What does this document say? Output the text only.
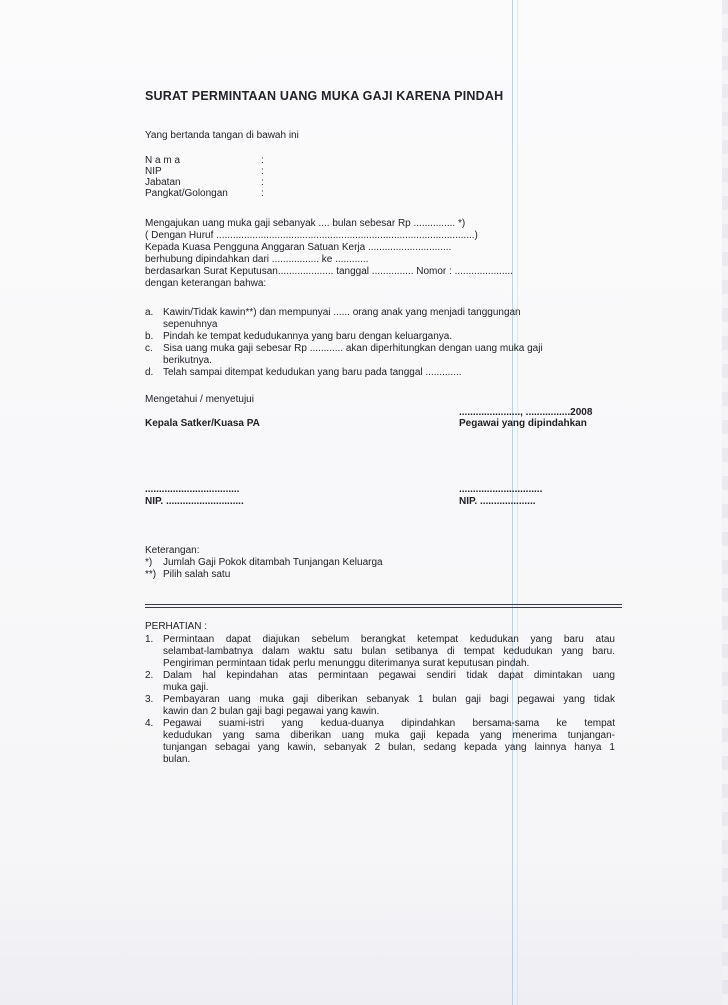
SURAT PERMINTAAN UANG MUKA GAJI KARENA PINDAH
Yang bertanda tangan di bawah ini
N a m a	:
NIP	:
Jabatan	:
Pangkat/Golongan	:
Mengajukan uang muka gaji sebanyak .... bulan sebesar Rp ............... *)
( Dengan Huruf .............................................................................................)
Kepada Kuasa Pengguna Anggaran Satuan Kerja ..............................
berhubung dipindahkan dari ................. ke ............
berdasarkan Surat Keputusan.................... tanggal ............... Nomor : .....................
dengan keterangan bahwa:
a. Kawin/Tidak kawin**) dan mempunyai ...... orang anak yang menjadi tanggungan
sepenuhnya
b. Pindah ke tempat kedudukannya yang baru dengan keluarganya.
c. Sisa uang muka gaji sebesar Rp ............ akan diperhitungkan dengan uang muka gaji
berikutnya.
d. Telah sampai ditempat kedudukan yang baru pada tanggal .............
Mengetahui / menyetujui
......................, ................2008
Kepala Satker/Kuasa PA	Pegawai yang dipindahkan
..................................
NIP. ............................
..............................
NIP. ....................
Keterangan:
*) Jumlah Gaji Pokok ditambah Tunjangan Keluarga
**) Pilih salah satu
PERHATIAN :
1. Permintaan dapat diajukan sebelum berangkat ketempat kedudukan yang baru atau
selambat-lambatnya dalam waktu satu bulan setibanya di tempat kedudukan yang baru.
Pengiriman permintaan tidak perlu menunggu diterimanya surat keputusan pindah.
2. Dalam hal kepindahan atas permintaan pegawai sendiri tidak dapat dimintakan uang
muka gaji.
3. Pembayaran uang muka gaji diberikan sebanyak 1 bulan gaji bagi pegawai yang tidak
kawin dan 2 bulan gaji bagi pegawai yang kawin.
4. Pegawai suami-istri yang kedua-duanya dipindahkan bersama-sama ke tempat
kedudukan yang sama diberikan uang muka gaji kepada yang menerima tunjangan-
tunjangan sebagai yang kawin, sebanyak 2 bulan, sedang kepada yang lainnya hanya 1
bulan.
